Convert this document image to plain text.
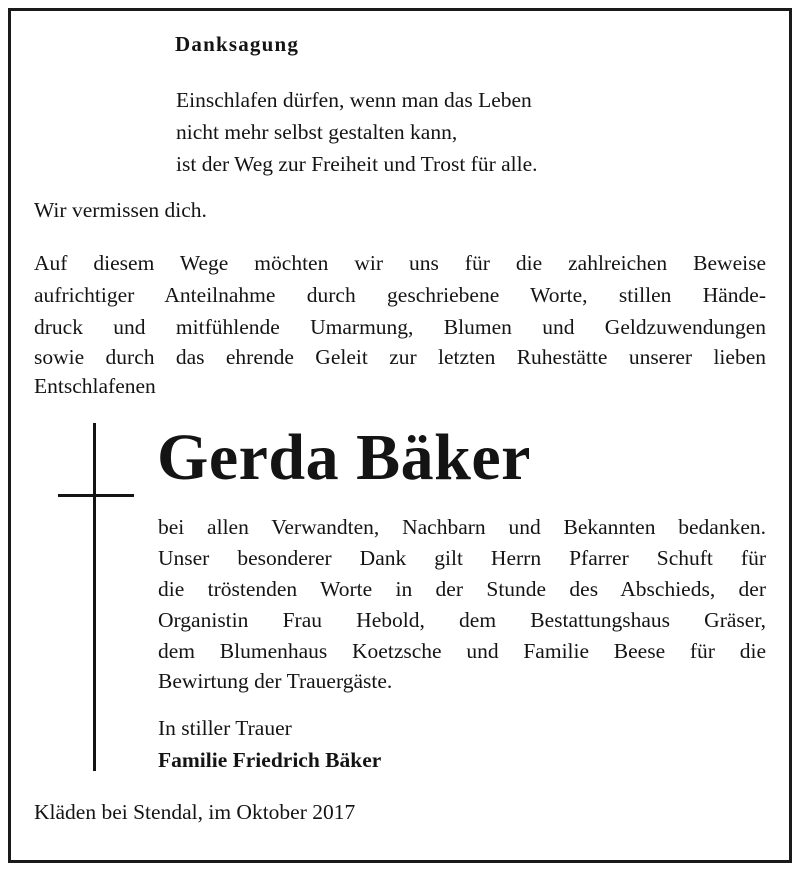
Danksagung
Einschlafen dürfen, wenn man das Leben
nicht mehr selbst gestalten kann,
ist der Weg zur Freiheit und Trost für alle.
Wir vermissen dich.
Auf diesem Wege möchten wir uns für die zahlreichen Beweise
aufrichtiger Anteilnahme durch geschriebene Worte, stillen Hände-
druck und mitfühlende Umarmung, Blumen und Geldzuwendungen
sowie durch das ehrende Geleit zur letzten Ruhestätte unserer lieben
Entschlafenen
Gerda Bäker
bei allen Verwandten, Nachbarn und Bekannten bedanken.
Unser besonderer Dank gilt Herrn Pfarrer Schuft für
die tröstenden Worte in der Stunde des Abschieds, der
Organistin Frau Hebold, dem Bestattungshaus Gräser,
dem Blumenhaus Koetzsche und Familie Beese für die
Bewirtung der Trauergäste.
In stiller Trauer
Familie Friedrich Bäker
Kläden bei Stendal, im Oktober 2017
